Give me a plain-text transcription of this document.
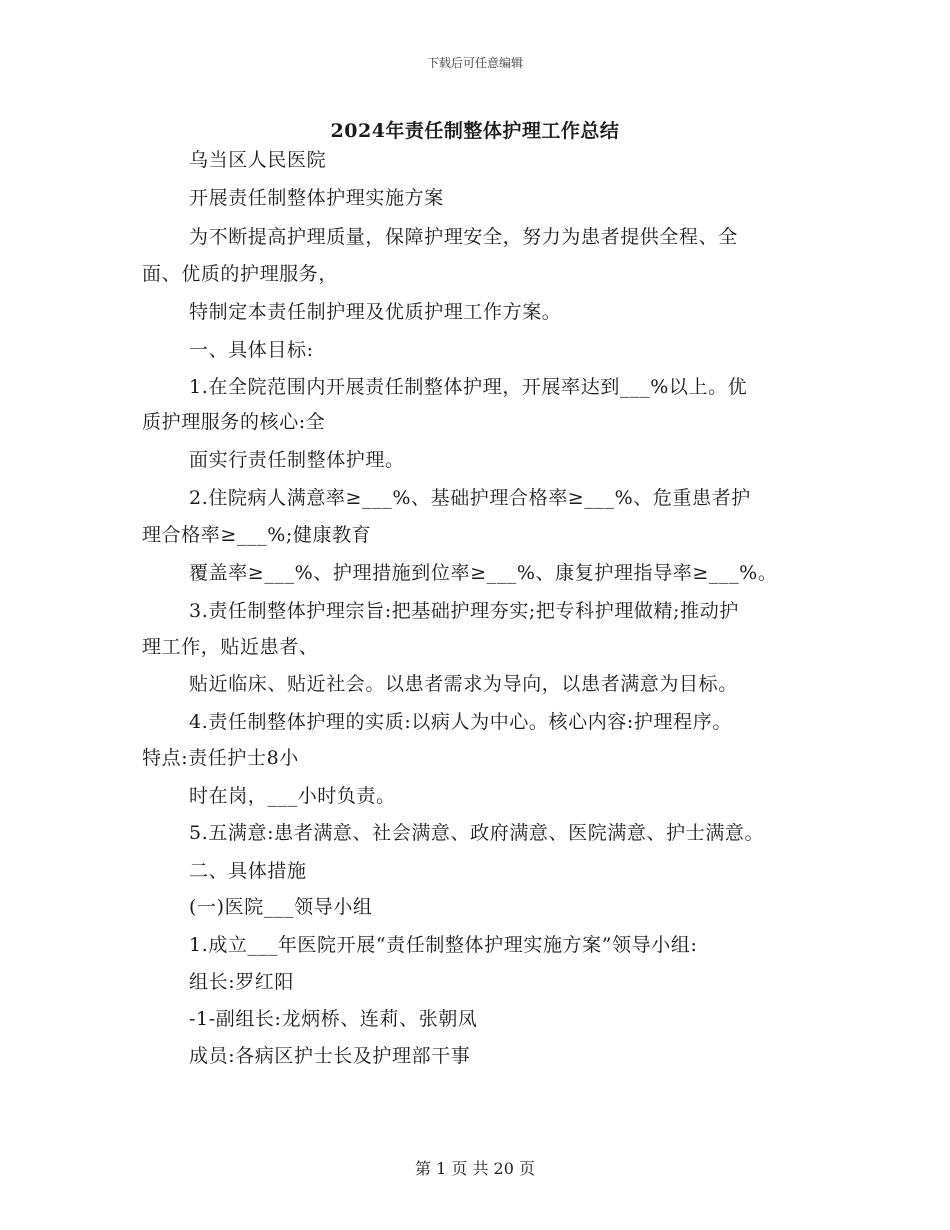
下载后可任意编辑
2024年责任制整体护理工作总结
乌当区人民医院
开展责任制整体护理实施方案
为不断提高护理质量，保障护理安全，努力为患者提供全程、全
面、优质的护理服务，
特制定本责任制护理及优质护理工作方案。
一、具体目标:
1.在全院范围内开展责任制整体护理，开展率达到___%以上。优
质护理服务的核心:全
面实行责任制整体护理。
2.住院病人满意率≥___%、基础护理合格率≥___%、危重患者护
理合格率≥___%;健康教育
覆盖率≥___%、护理措施到位率≥___%、康复护理指导率≥___%。
3.责任制整体护理宗旨:把基础护理夯实;把专科护理做精;推动护
理工作，贴近患者、
贴近临床、贴近社会。以患者需求为导向，以患者满意为目标。
4.责任制整体护理的实质:以病人为中心。核心内容:护理程序。
特点:责任护士8小
时在岗，___小时负责。
5.五满意:患者满意、社会满意、政府满意、医院满意、护士满意。
二、具体措施
(一)医院___领导小组
1.成立___年医院开展“责任制整体护理实施方案”领导小组:
组长:罗红阳
-1-副组长:龙炳桥、连莉、张朝凤
成员:各病区护士长及护理部干事
第 1 页 共 20 页
